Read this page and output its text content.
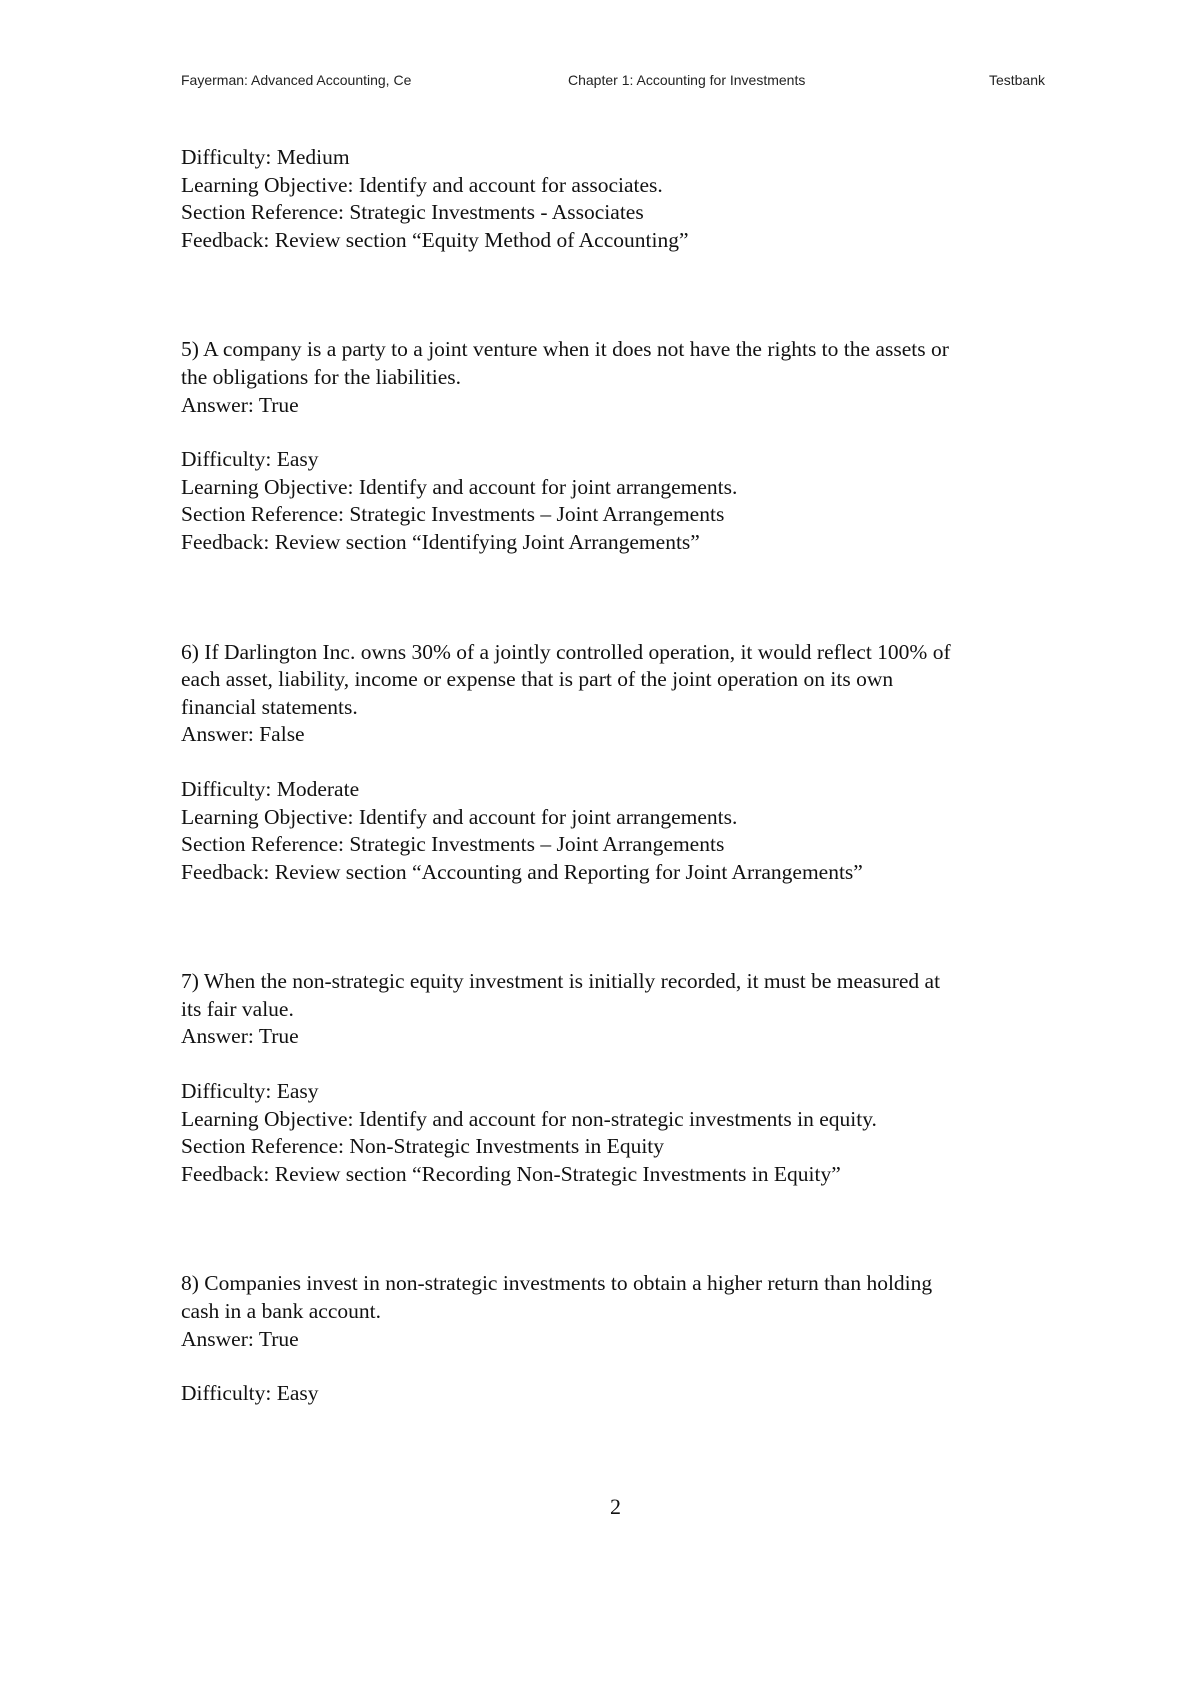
Fayerman: Advanced Accounting, Ce	Chapter 1: Accounting for Investments	Testbank

Difficulty: Medium

Learning Objective: Identify and account for associates.

Section Reference: Strategic Investments - Associates

Feedback: Review section “Equity Method of Accounting”

5) A company is a party to a joint venture when it does not have the rights to the assets or

the obligations for the liabilities.

Answer: True

Difficulty: Easy

Learning Objective: Identify and account for joint arrangements.

Section Reference: Strategic Investments – Joint Arrangements

Feedback: Review section “Identifying Joint Arrangements”

6) If Darlington Inc. owns 30% of a jointly controlled operation, it would reflect 100% of

each asset, liability, income or expense that is part of the joint operation on its own

financial statements.

Answer: False

Difficulty: Moderate

Learning Objective: Identify and account for joint arrangements.

Section Reference: Strategic Investments – Joint Arrangements

Feedback: Review section “Accounting and Reporting for Joint Arrangements”

7) When the non-strategic equity investment is initially recorded, it must be measured at

its fair value.

Answer: True

Difficulty: Easy

Learning Objective: Identify and account for non-strategic investments in equity.

Section Reference: Non-Strategic Investments in Equity

Feedback: Review section “Recording Non-Strategic Investments in Equity”

8) Companies invest in non-strategic investments to obtain a higher return than holding

cash in a bank account.

Answer: True

Difficulty: Easy

2
